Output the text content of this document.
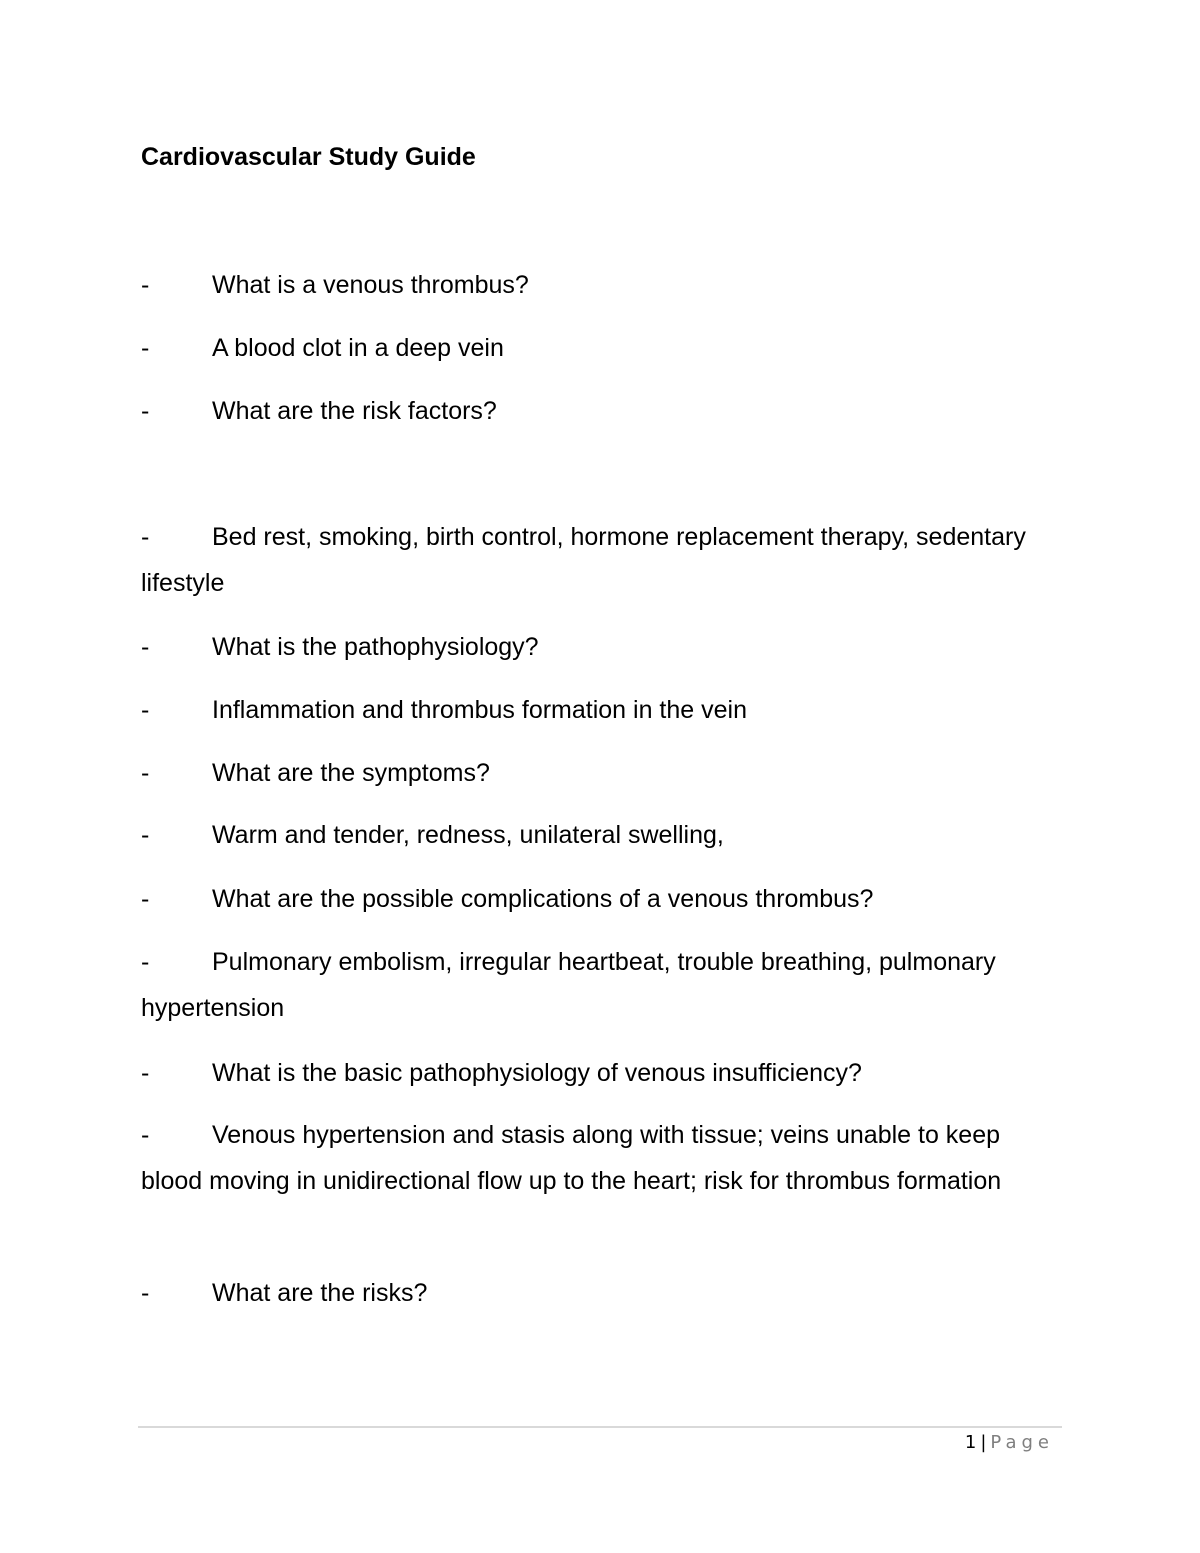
Cardiovascular Study Guide
-	What is a venous thrombus?
-	A blood clot in a deep vein
-	What are the risk factors?
-	Bed rest, smoking, birth control, hormone replacement therapy, sedentary lifestyle
-	What is the pathophysiology?
-	Inflammation and thrombus formation in the vein
-	What are the symptoms?
-	Warm and tender, redness, unilateral swelling,
-	What are the possible complications of a venous thrombus?
-	Pulmonary embolism, irregular heartbeat, trouble breathing, pulmonary hypertension
-	What is the basic pathophysiology of venous insufficiency?
-	Venous hypertension and stasis along with tissue; veins unable to keep blood moving in unidirectional flow up to the heart; risk for thrombus formation
-	What are the risks?
1 | Page
